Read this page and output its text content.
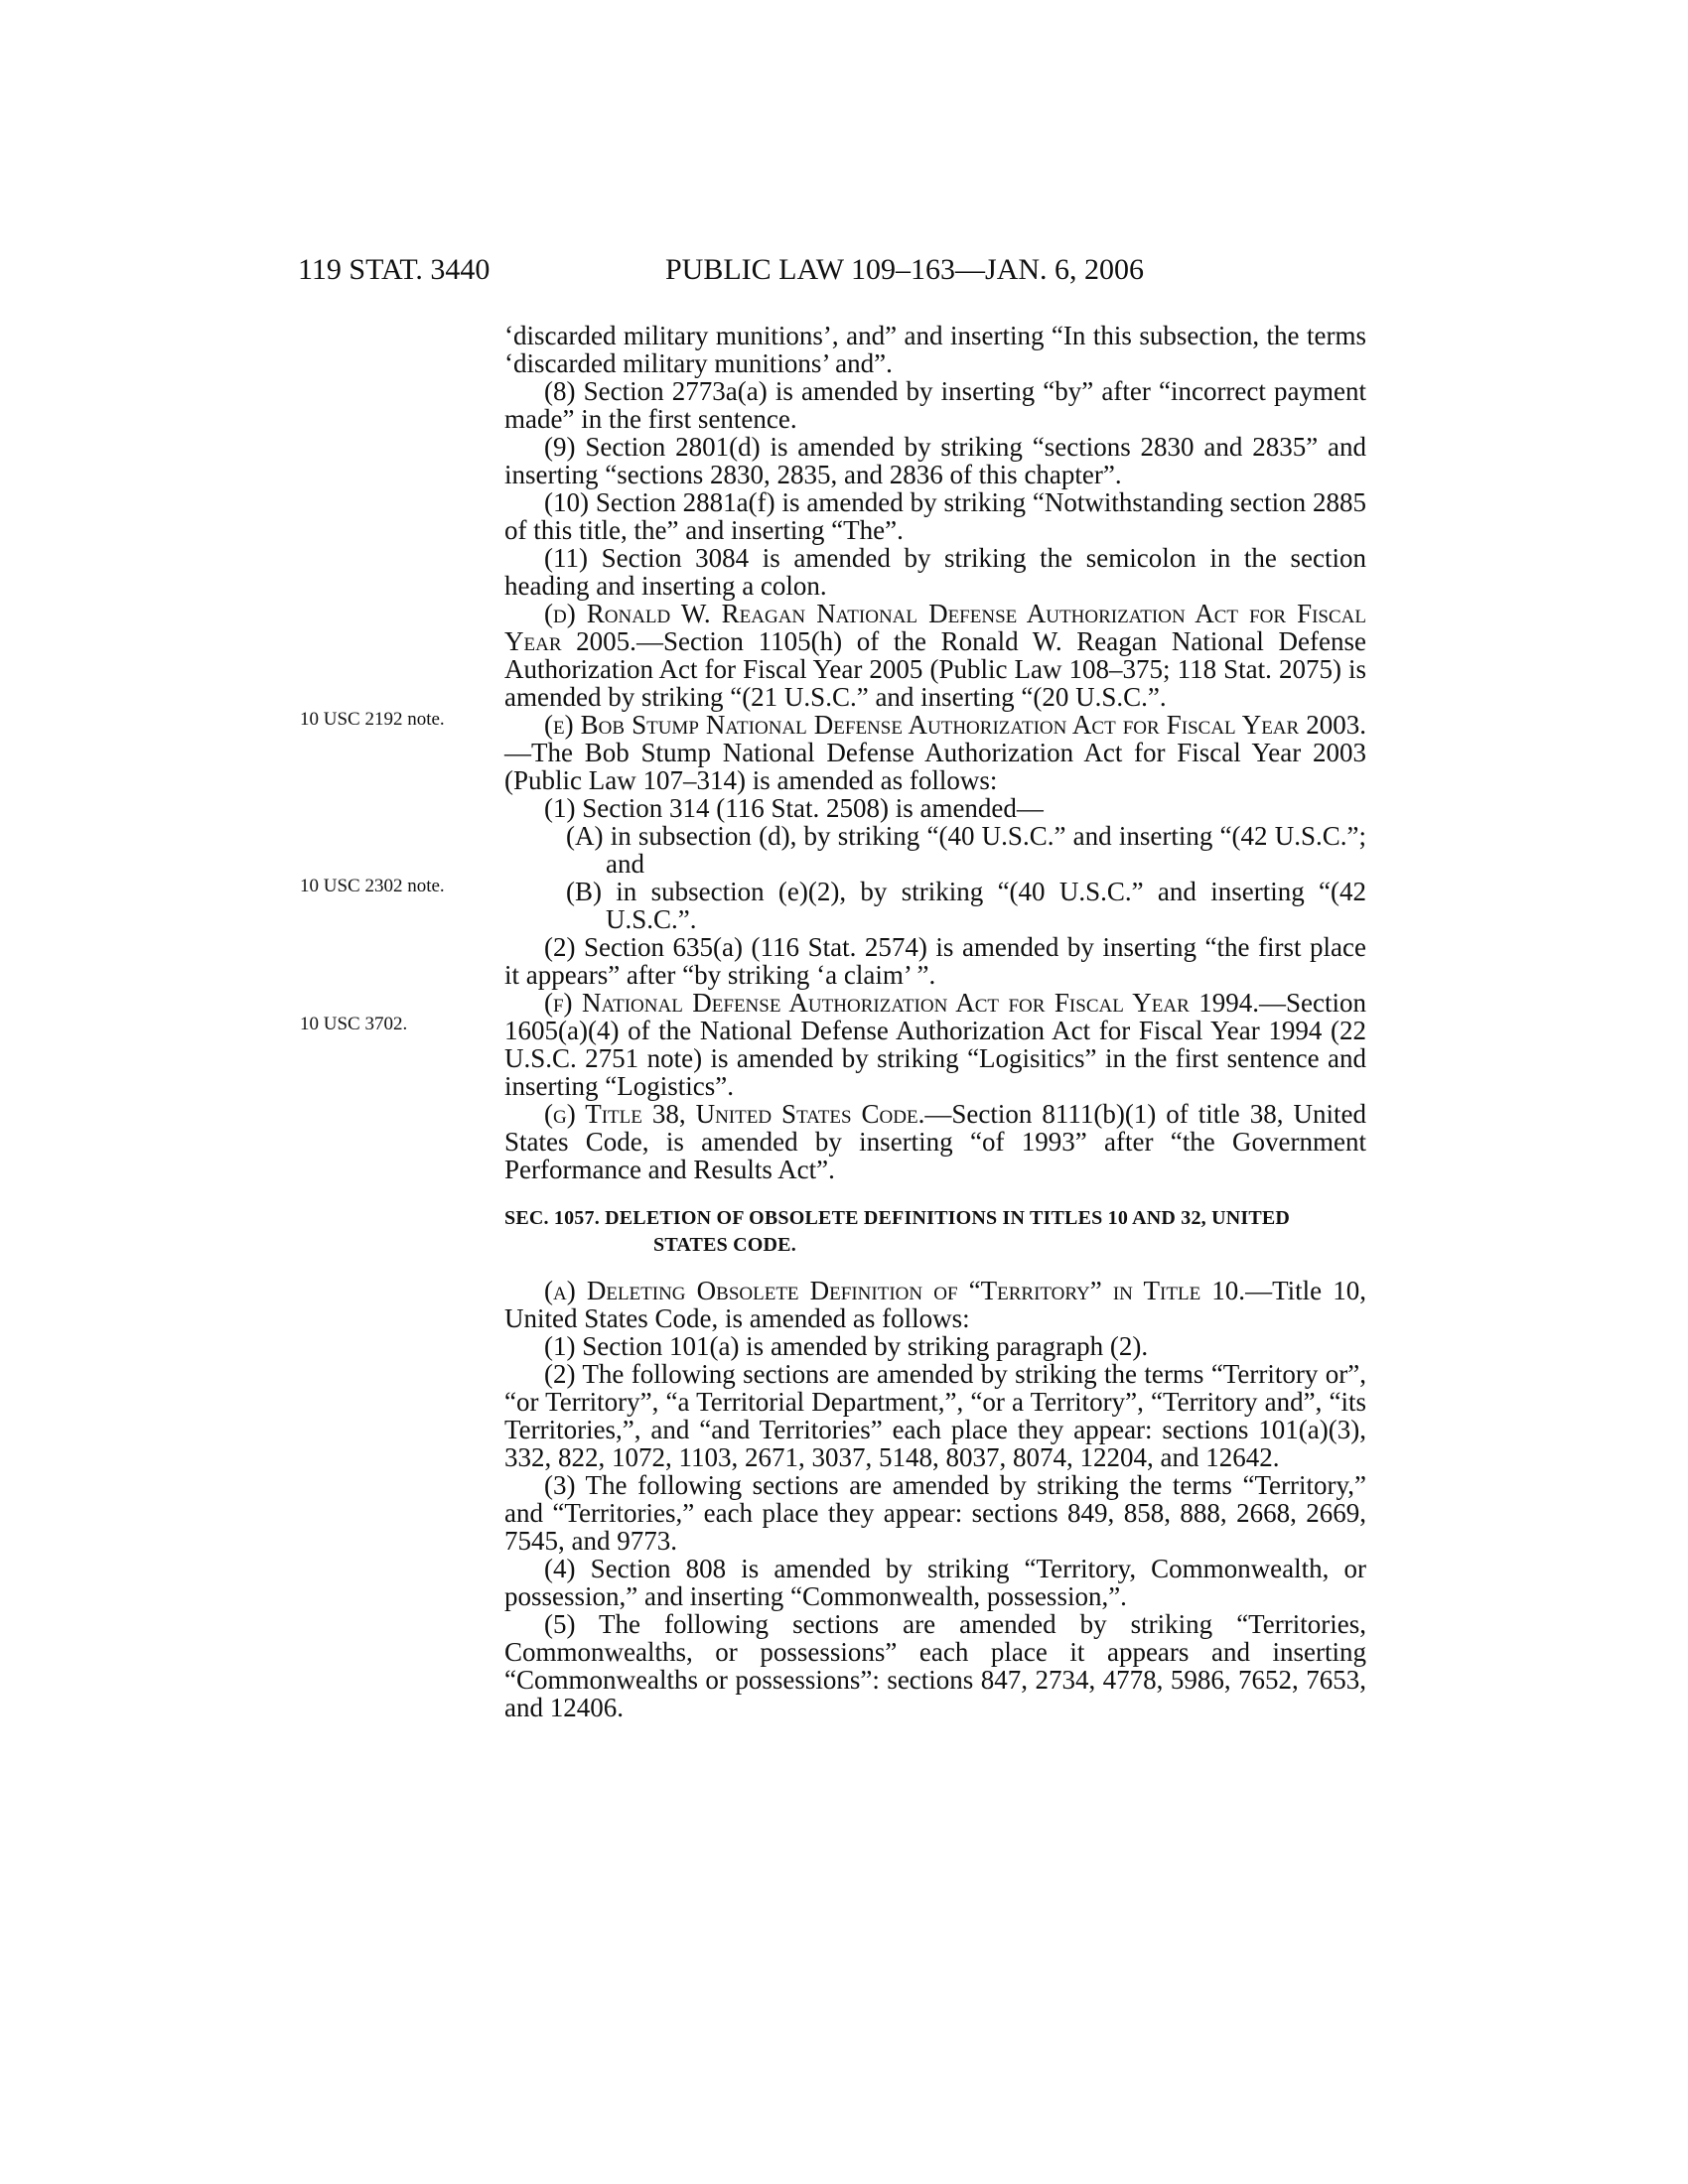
119 STAT. 3440	PUBLIC LAW 109–163—JAN. 6, 2006
10 USC 2192 note.
10 USC 2302 note.
10 USC 3702.

‘discarded military munitions’, and” and inserting “In this subsection, the terms ‘discarded military munitions’ and”.

(8) Section 2773a(a) is amended by inserting “by” after “incorrect payment made” in the first sentence.

(9) Section 2801(d) is amended by striking “sections 2830 and 2835” and inserting “sections 2830, 2835, and 2836 of this chapter”.

(10) Section 2881a(f) is amended by striking “Notwithstanding section 2885 of this title, the” and inserting “The”.

(11) Section 3084 is amended by striking the semicolon in the section heading and inserting a colon.

(d) Ronald W. Reagan National Defense Authorization Act for Fiscal Year 2005.—Section 1105(h) of the Ronald W. Reagan National Defense Authorization Act for Fiscal Year 2005 (Public Law 108–375; 118 Stat. 2075) is amended by striking “(21 U.S.C.” and inserting “(20 U.S.C.”.

(e) Bob Stump National Defense Authorization Act for Fiscal Year 2003.—The Bob Stump National Defense Authorization Act for Fiscal Year 2003 (Public Law 107–314) is amended as follows:

(1) Section 314 (116 Stat. 2508) is amended—

(A) in subsection (d), by striking “(40 U.S.C.” and inserting “(42 U.S.C.”; and

(B) in subsection (e)(2), by striking “(40 U.S.C.” and inserting “(42 U.S.C.”.

(2) Section 635(a) (116 Stat. 2574) is amended by inserting “the first place it appears” after “by striking ‘a claim’ ”.

(f) National Defense Authorization Act for Fiscal Year 1994.—Section 1605(a)(4) of the National Defense Authorization Act for Fiscal Year 1994 (22 U.S.C. 2751 note) is amended by striking “Logisitics” in the first sentence and inserting “Logistics”.

(g) Title 38, United States Code.—Section 8111(b)(1) of title 38, United States Code, is amended by inserting “of 1993” after “the Government Performance and Results Act”.

SEC. 1057. DELETION OF OBSOLETE DEFINITIONS IN TITLES 10 AND 32, UNITED STATES CODE.

(a) Deleting Obsolete Definition of “Territory” in Title 10.—Title 10, United States Code, is amended as follows:

(1) Section 101(a) is amended by striking paragraph (2).

(2) The following sections are amended by striking the terms “Territory or”, “or Territory”, “a Territorial Department,”, “or a Territory”, “Territory and”, “its Territories,”, and “and Territories” each place they appear: sections 101(a)(3), 332, 822, 1072, 1103, 2671, 3037, 5148, 8037, 8074, 12204, and 12642.

(3) The following sections are amended by striking the terms “Territory,” and “Territories,” each place they appear: sections 849, 858, 888, 2668, 2669, 7545, and 9773.

(4) Section 808 is amended by striking “Territory, Commonwealth, or possession,” and inserting “Commonwealth, possession,”.

(5) The following sections are amended by striking “Territories, Commonwealths, or possessions” each place it appears and inserting “Commonwealths or possessions”: sections 847, 2734, 4778, 5986, 7652, 7653, and 12406.
